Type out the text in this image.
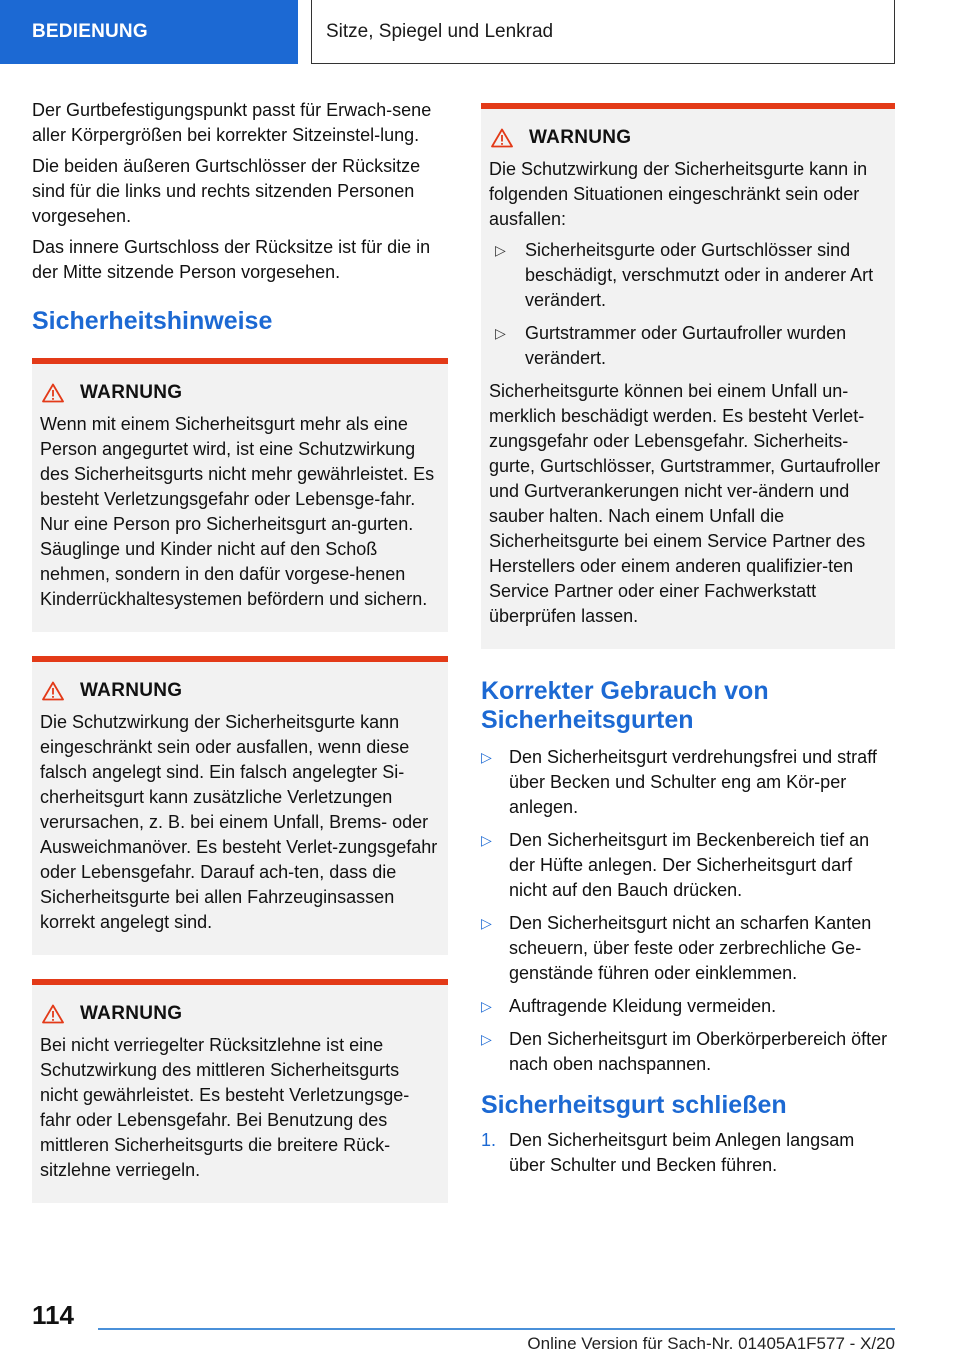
BEDIENUNG	Sitze, Spiegel und Lenkrad

Der Gurtbefestigungspunkt passt für Erwach-sene aller Körpergrößen bei korrekter Sitzeinstel-lung.

Die beiden äußeren Gurtschlösser der Rücksitze sind für die links und rechts sitzenden Personen vorgesehen.

Das innere Gurtschloss der Rücksitze ist für die in der Mitte sitzende Person vorgesehen.

Sicherheitshinweise
WARNUNG

Wenn mit einem Sicherheitsgurt mehr als eine Person angegurtet wird, ist eine Schutzwirkung des Sicherheitsgurts nicht mehr gewährleistet. Es besteht Verletzungsgefahr oder Lebensge-fahr. Nur eine Person pro Sicherheitsgurt an-gurten. Säuglinge und Kinder nicht auf den Schoß nehmen, sondern in den dafür vorgese-henen Kinderrückhaltesystemen befördern und sichern.

WARNUNG

Die Schutzwirkung der Sicherheitsgurte kann eingeschränkt sein oder ausfallen, wenn diese falsch angelegt sind. Ein falsch angelegter Si-cherheitsgurt kann zusätzliche Verletzungen verursachen, z. B. bei einem Unfall, Brems- oder Ausweichmanöver. Es besteht Verlet-zungsgefahr oder Lebensgefahr. Darauf ach-ten, dass die Sicherheitsgurte bei allen Fahrzeuginsassen korrekt angelegt sind.

WARNUNG

Bei nicht verriegelter Rücksitzlehne ist eine Schutzwirkung des mittleren Sicherheitsgurts nicht gewährleistet. Es besteht Verletzungsge-fahr oder Lebensgefahr. Bei Benutzung des mittleren Sicherheitsgurts die breitere Rück-sitzlehne verriegeln.

WARNUNG

Die Schutzwirkung der Sicherheitsgurte kann in folgenden Situationen eingeschränkt sein oder ausfallen:

▷	Sicherheitsgurte oder Gurtschlösser sind beschädigt, verschmutzt oder in anderer Art verändert.
▷	Gurtstrammer oder Gurtaufroller wurden verändert.

Sicherheitsgurte können bei einem Unfall un-merklich beschädigt werden. Es besteht Verlet-zungsgefahr oder Lebensgefahr. Sicherheits-gurte, Gurtschlösser, Gurtstrammer, Gurtaufroller und Gurtverankerungen nicht ver-ändern und sauber halten. Nach einem Unfall die Sicherheitsgurte bei einem Service Partner des Herstellers oder einem anderen qualifizier-ten Service Partner oder einer Fachwerkstatt überprüfen lassen.

Korrekter Gebrauch von Sicherheitsgurten
▷ Den Sicherheitsgurt verdrehungsfrei und straff über Becken und Schulter eng am Kör-per anlegen.
▷ Den Sicherheitsgurt im Beckenbereich tief an der Hüfte anlegen. Der Sicherheitsgurt darf nicht auf den Bauch drücken.
▷ Den Sicherheitsgurt nicht an scharfen Kanten scheuern, über feste oder zerbrechliche Ge-genstände führen oder einklemmen.
▷ Auftragende Kleidung vermeiden.
▷ Den Sicherheitsgurt im Oberkörperbereich öfter nach oben nachspannen.
Sicherheitsgurt schließen
1. Den Sicherheitsgurt beim Anlegen langsam über Schulter und Becken führen.
114
Online Version für Sach-Nr. 01405A1F577 - X/20
